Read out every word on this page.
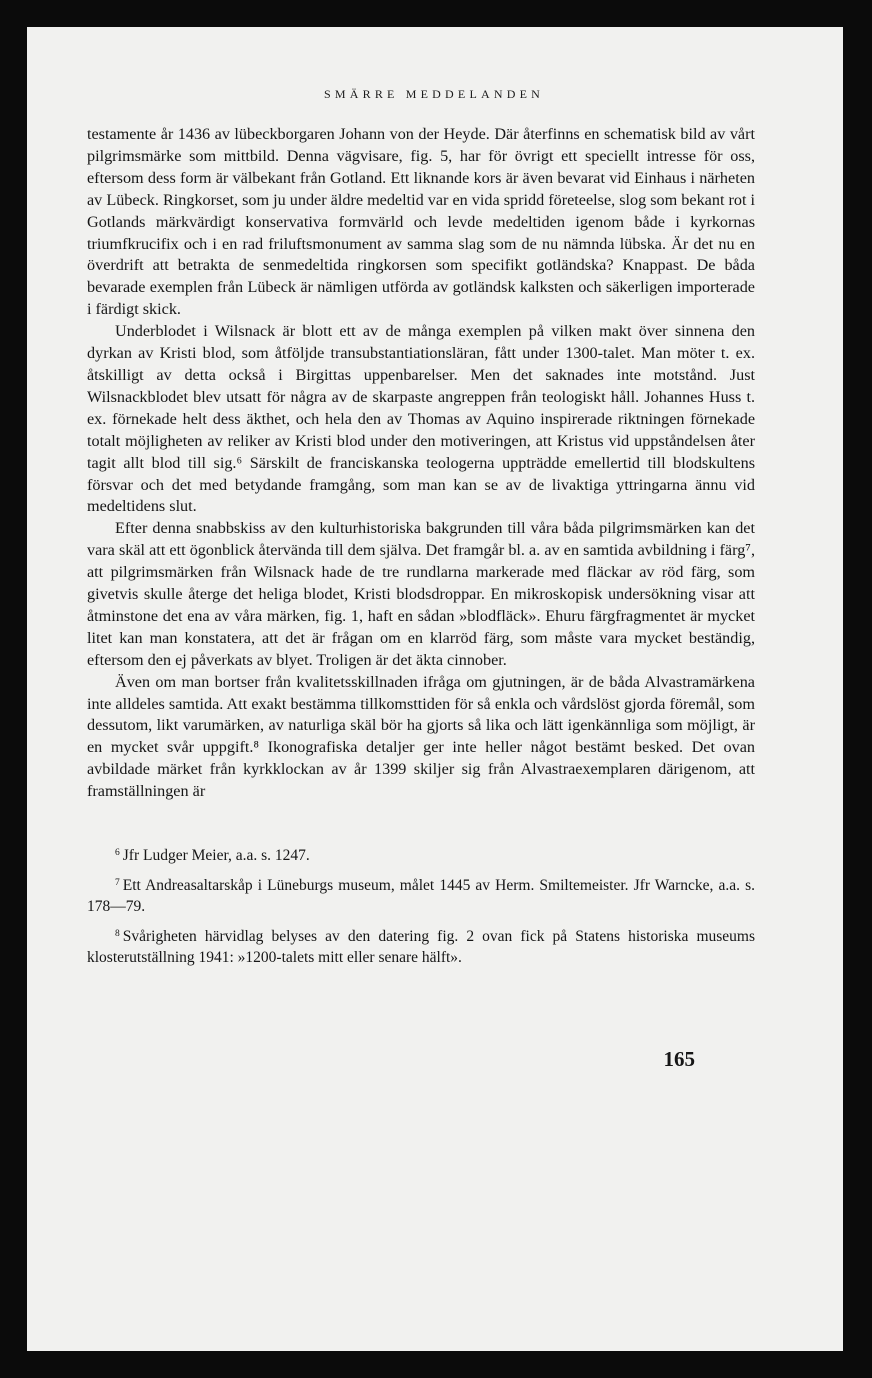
SMÄRRE MEDDELANDEN

testamente år 1436 av lübeckborgaren Johann von der Heyde. Där återfinns en schematisk bild av vårt pilgrimsmärke som mittbild. Denna vägvisare, fig. 5, har för övrigt ett speciellt intresse för oss, eftersom dess form är välbekant från Gotland. Ett liknande kors är även bevarat vid Einhaus i närheten av Lübeck. Ringkorset, som ju under äldre medeltid var en vida spridd företeelse, slog som bekant rot i Gotlands märkvärdigt konservativa formvärld och levde medeltiden igenom både i kyrkornas triumfkrucifix och i en rad friluftsmonument av samma slag som de nu nämnda lübska. Är det nu en överdrift att betrakta de senmedeltida ringkorsen som specifikt gotländska? Knappast. De båda bevarade exemplen från Lübeck är nämligen utförda av gotländsk kalksten och säkerligen importerade i färdigt skick.

Underblodet i Wilsnack är blott ett av de många exemplen på vilken makt över sinnena den dyrkan av Kristi blod, som åtföljde transubstantiationsläran, fått under 1300-talet. Man möter t. ex. åtskilligt av detta också i Birgittas uppenbarelser. Men det saknades inte motstånd. Just Wilsnackblodet blev utsatt för några av de skarpaste angreppen från teologiskt håll. Johannes Huss t. ex. förnekade helt dess äkthet, och hela den av Thomas av Aquino inspirerade riktningen förnekade totalt möjligheten av reliker av Kristi blod under den motiveringen, att Kristus vid uppståndelsen åter tagit allt blod till sig.⁶ Särskilt de franciskanska teologerna uppträdde emellertid till blodskultens försvar och det med betydande framgång, som man kan se av de livaktiga yttringarna ännu vid medeltidens slut.

Efter denna snabbskiss av den kulturhistoriska bakgrunden till våra båda pilgrimsmärken kan det vara skäl att ett ögonblick återvända till dem själva. Det framgår bl. a. av en samtida avbildning i färg⁷, att pilgrimsmärken från Wilsnack hade de tre rundlarna markerade med fläckar av röd färg, som givetvis skulle återge det heliga blodet, Kristi blodsdroppar. En mikroskopisk undersökning visar att åtminstone det ena av våra märken, fig. 1, haft en sådan »blodfläck». Ehuru färgfragmentet är mycket litet kan man konstatera, att det är frågan om en klarröd färg, som måste vara mycket beständig, eftersom den ej påverkats av blyet. Troligen är det äkta cinnober.

Även om man bortser från kvalitetsskillnaden ifråga om gjutningen, är de båda Alvastramärkena inte alldeles samtida. Att exakt bestämma tillkomsttiden för så enkla och vårdslöst gjorda föremål, som dessutom, likt varumärken, av naturliga skäl bör ha gjorts så lika och lätt igenkännliga som möjligt, är en mycket svår uppgift.⁸ Ikonografiska detaljer ger inte heller något bestämt besked. Det ovan avbildade märket från kyrkklockan av år 1399 skiljer sig från Alvastraexemplaren därigenom, att framställningen är

$^6$ Jfr Ludger Meier, a.a. s. 1247.

$^7$ Ett Andreasaltarskåp i Lüneburgs museum, målet 1445 av Herm. Smiltemeister. Jfr Warncke, a.a. s. 178—79.

$^8$ Svårigheten härvidlag belyses av den datering fig. 2 ovan fick på Statens historiska museums klosterutställning 1941: »1200-talets mitt eller senare hälft».

165
